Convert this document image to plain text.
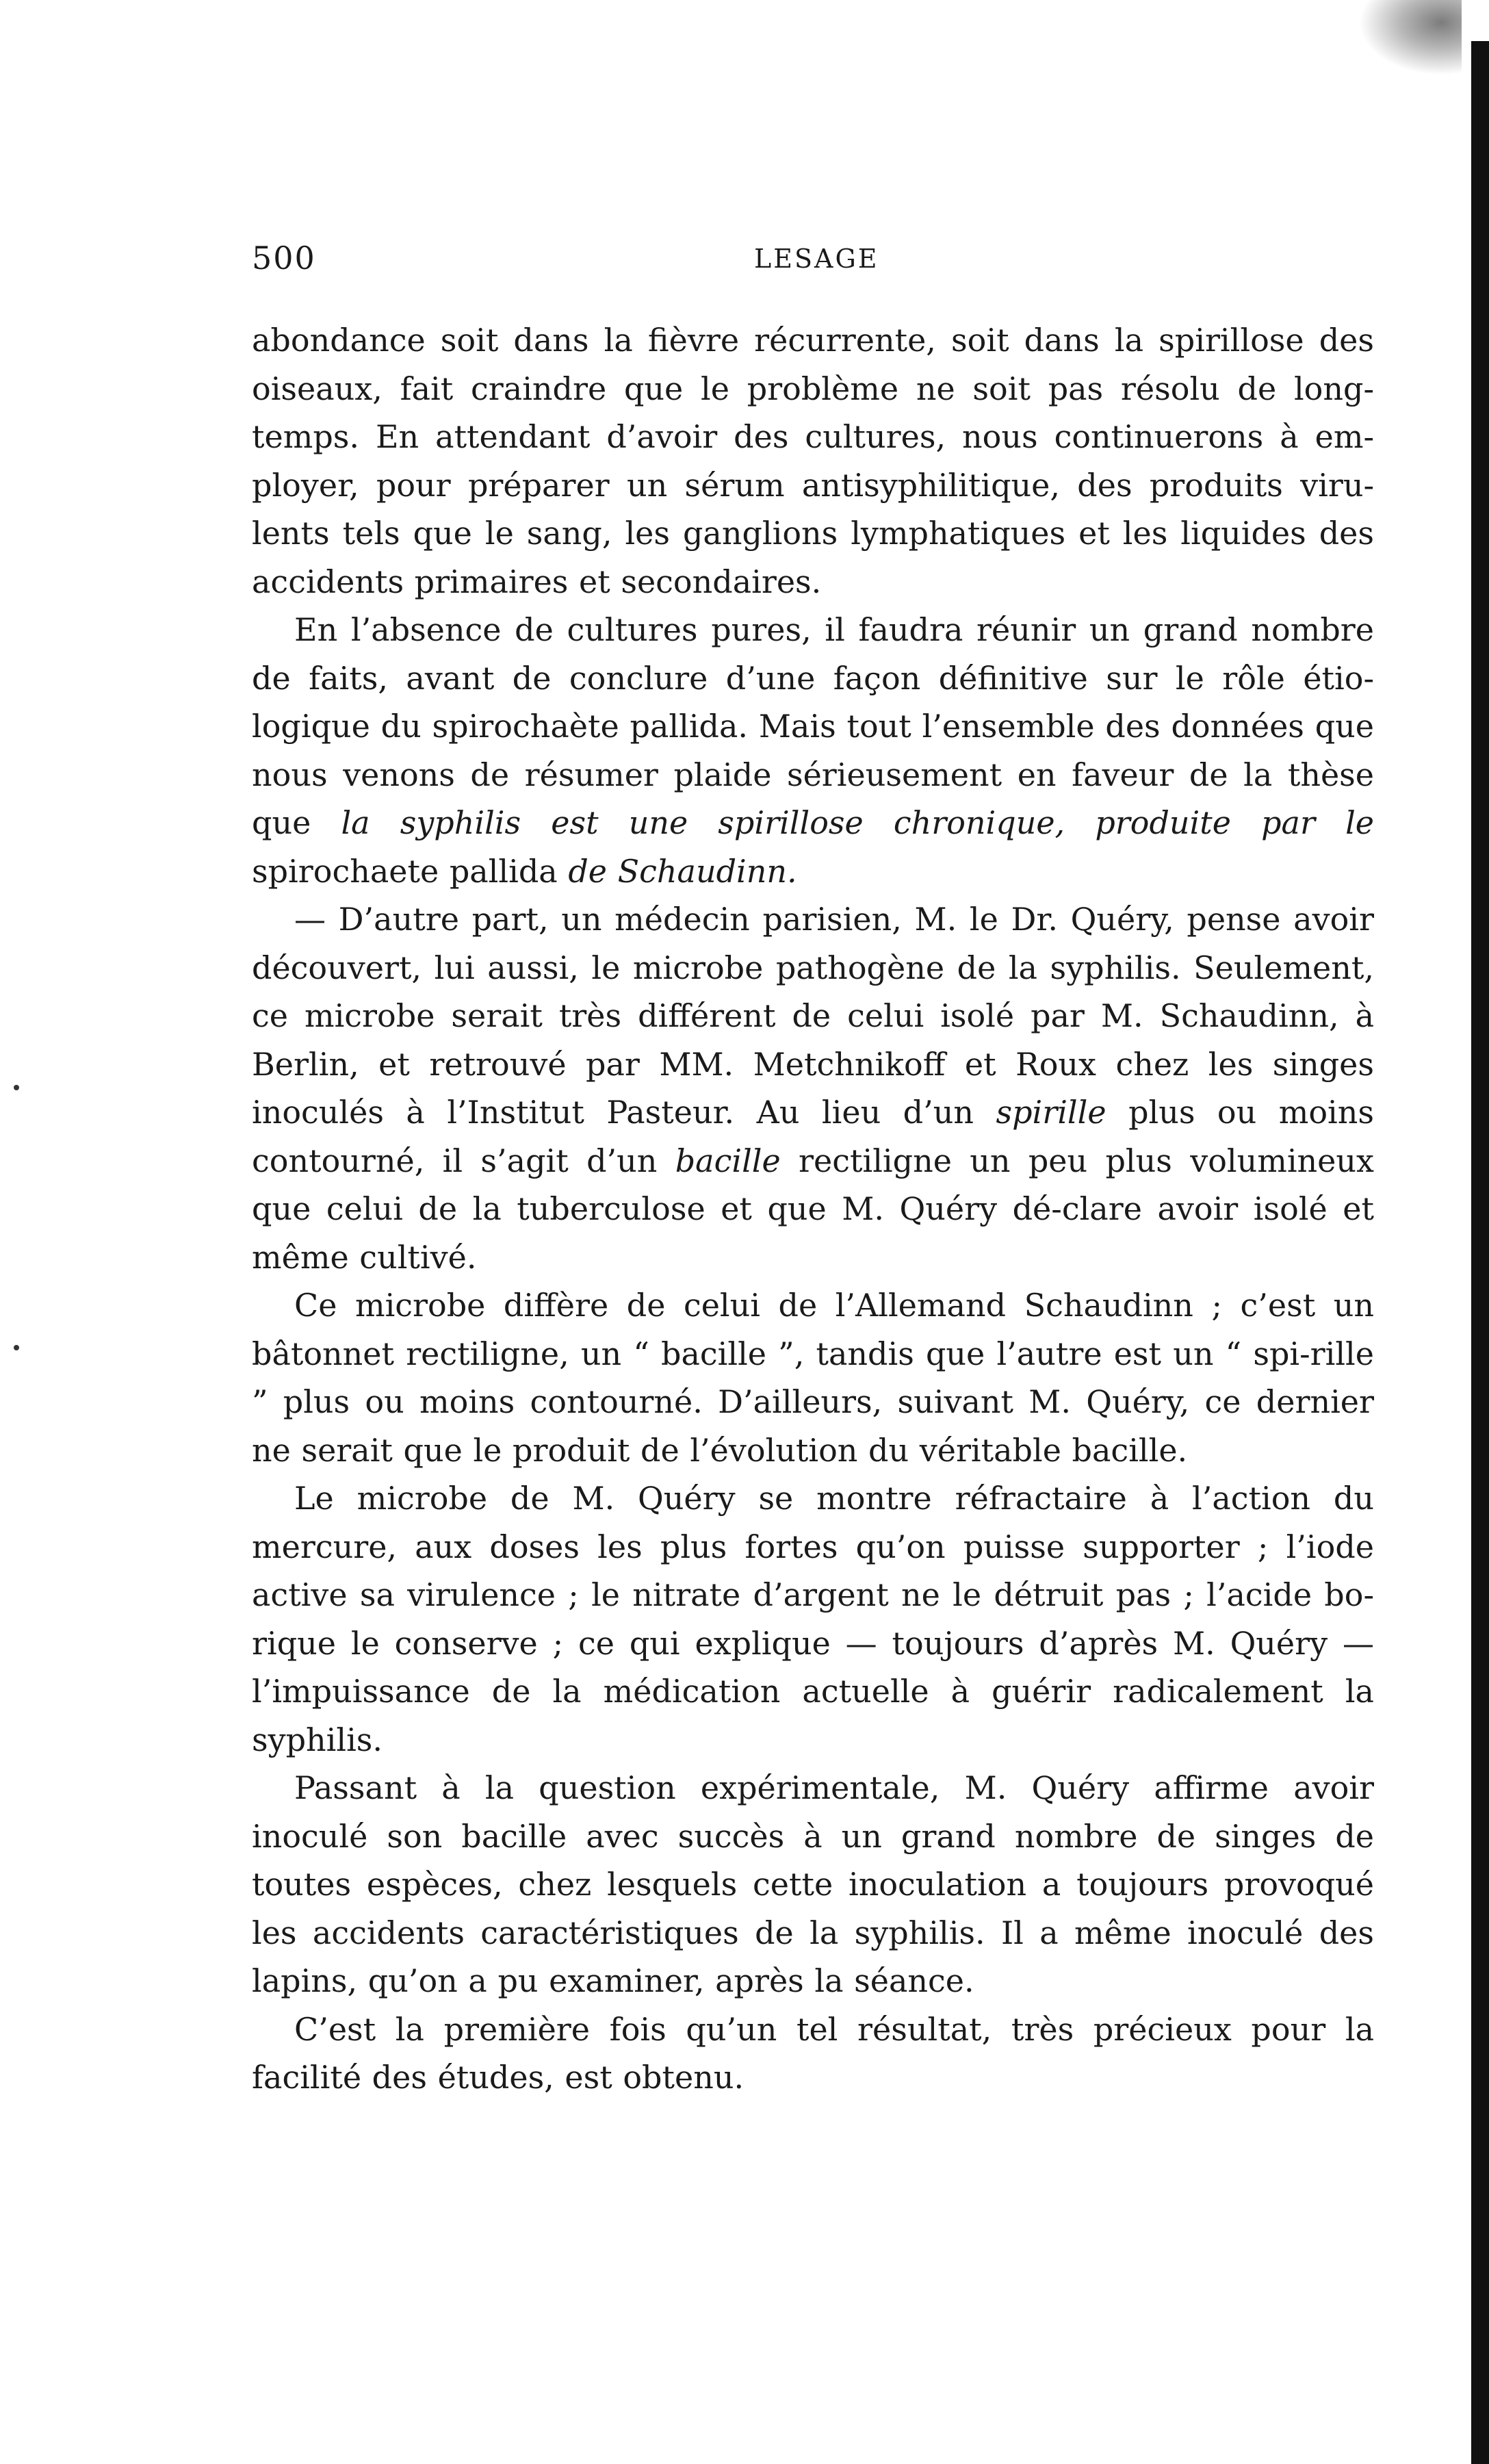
500	LESAGE

abondance soit dans la fièvre récurrente, soit dans la spirillose des oiseaux, fait craindre que le problème ne soit pas résolu de long-temps. En attendant d’avoir des cultures, nous continuerons à em-ployer, pour préparer un sérum antisyphilitique, des produits viru-lents tels que le sang, les ganglions lymphatiques et les liquides des accidents primaires et secondaires.

En l’absence de cultures pures, il faudra réunir un grand nombre de faits, avant de conclure d’une façon définitive sur le rôle étio-logique du spirochaète pallida. Mais tout l’ensemble des données que nous venons de résumer plaide sérieusement en faveur de la thèse que la syphilis est une spirillose chronique, produite par le spirochaete pallida de Schaudinn.

— D’autre part, un médecin parisien, M. le Dr. Quéry, pense avoir découvert, lui aussi, le microbe pathogène de la syphilis. Seulement, ce microbe serait très différent de celui isolé par M. Schaudinn, à Berlin, et retrouvé par MM. Metchnikoff et Roux chez les singes inoculés à l’Institut Pasteur. Au lieu d’un spirille plus ou moins contourné, il s’agit d’un bacille rectiligne un peu plus volumineux que celui de la tuberculose et que M. Quéry dé-clare avoir isolé et même cultivé.

Ce microbe diffère de celui de l’Allemand Schaudinn ; c’est un bâtonnet rectiligne, un “ bacille ”, tandis que l’autre est un “ spi-rille ” plus ou moins contourné. D’ailleurs, suivant M. Quéry, ce dernier ne serait que le produit de l’évolution du véritable bacille.

Le microbe de M. Quéry se montre réfractaire à l’action du mercure, aux doses les plus fortes qu’on puisse supporter ; l’iode active sa virulence ; le nitrate d’argent ne le détruit pas ; l’acide bo-rique le conserve ; ce qui explique — toujours d’après M. Quéry — l’impuissance de la médication actuelle à guérir radicalement la syphilis.

Passant à la question expérimentale, M. Quéry affirme avoir inoculé son bacille avec succès à un grand nombre de singes de toutes espèces, chez lesquels cette inoculation a toujours provoqué les accidents caractéristiques de la syphilis. Il a même inoculé des lapins, qu’on a pu examiner, après la séance.

C’est la première fois qu’un tel résultat, très précieux pour la facilité des études, est obtenu.
